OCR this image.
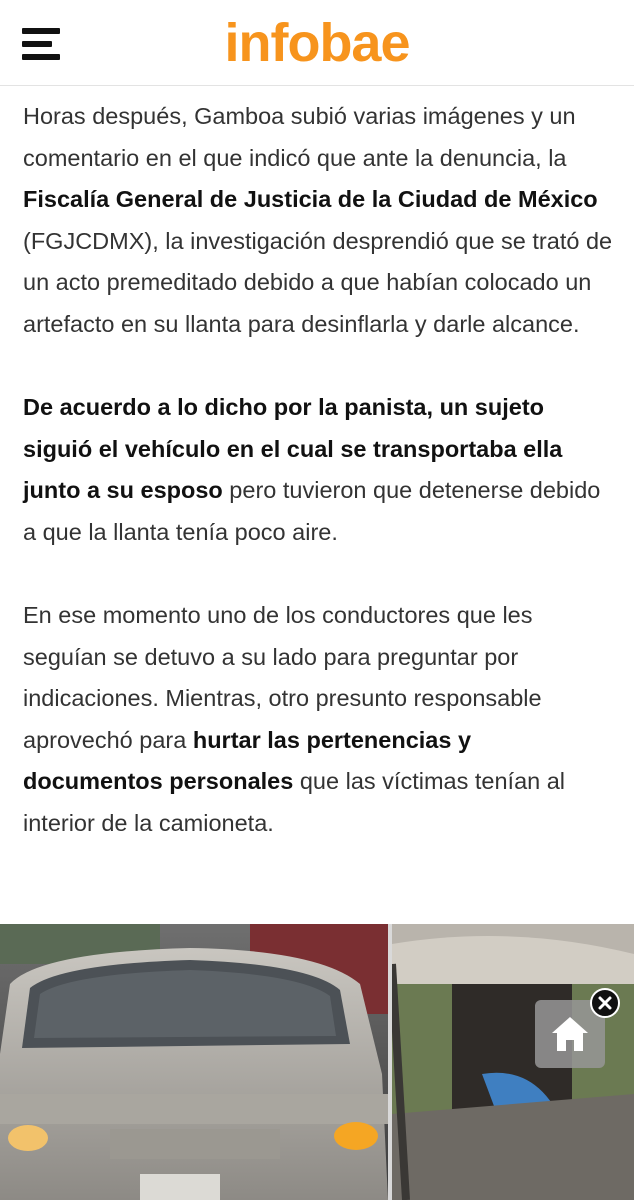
infobae

Horas después, Gamboa subió varias imágenes y un comentario en el que indicó que ante la denuncia, la Fiscalía General de Justicia de la Ciudad de México (FGJCDMX), la investigación desprendió que se trató de un acto premeditado debido a que habían colocado un artefacto en su llanta para desinflarla y darle alcance.

De acuerdo a lo dicho por la panista, un sujeto siguió el vehículo en el cual se transportaba ella junto a su esposo pero tuvieron que detenerse debido a que la llanta tenía poco aire.

En ese momento uno de los conductores que les seguían se detuvo a su lado para preguntar por indicaciones. Mientras, otro presunto responsable aprovechó para hurtar las pertenencias y documentos personales que las víctimas tenían al interior de la camioneta.
